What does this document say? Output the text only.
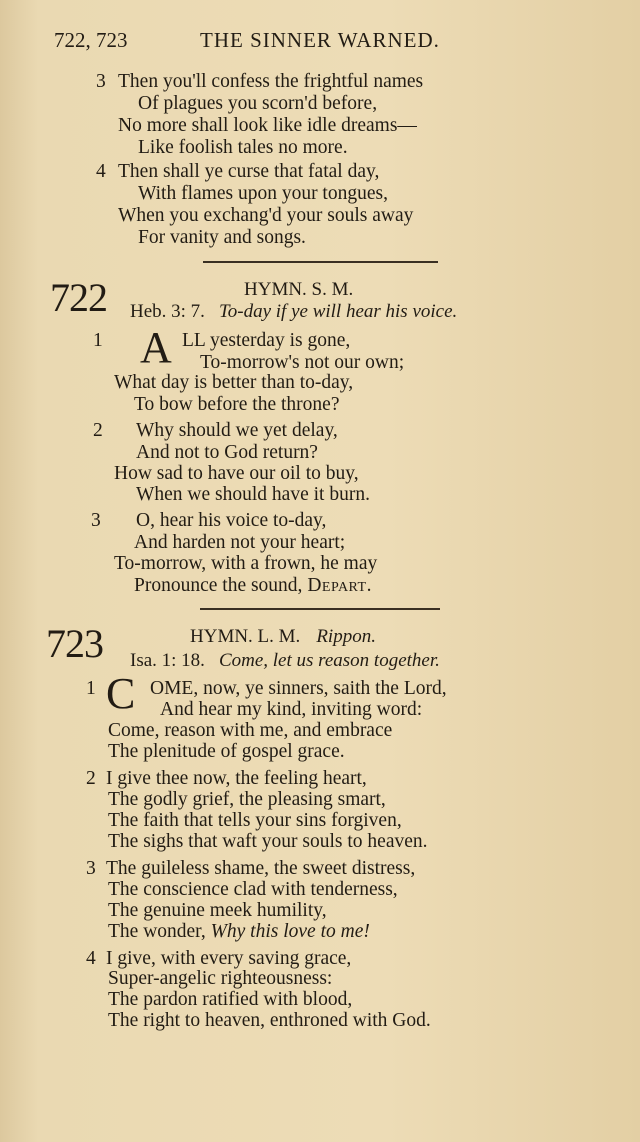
722, 723	THE SINNER WARNED.
3 Then you'll confess the frightful names
Of plagues you scorn'd before,
No more shall look like idle dreams—
Like foolish tales no more.
4 Then shall ye curse that fatal day,
With flames upon your tongues,
When you exchang'd your souls away
For vanity and songs.
722	HYMN. S. M.
Heb. 3: 7. To-day if ye will hear his voice.
1 A LL yesterday is gone,
To-morrow's not our own;
What day is better than to-day,
To bow before the throne?
2 Why should we yet delay,
And not to God return?
How sad to have our oil to buy,
When we should have it burn.
3 O, hear his voice to-day,
And harden not your heart;
To-morrow, with a frown, he may
Pronounce the sound, Depart.
723	HYMN. L. M. Rippon.
Isa. 1: 18. Come, let us reason together.
1 C OME, now, ye sinners, saith the Lord,
And hear my kind, inviting word:
Come, reason with me, and embrace
The plenitude of gospel grace.
2 I give thee now, the feeling heart,
The godly grief, the pleasing smart,
The faith that tells your sins forgiven,
The sighs that waft your souls to heaven.
3 The guileless shame, the sweet distress,
The conscience clad with tenderness,
The genuine meek humility,
The wonder, Why this love to me!
4 I give, with every saving grace,
Super-angelic righteousness:
The pardon ratified with blood,
The right to heaven, enthroned with God.
